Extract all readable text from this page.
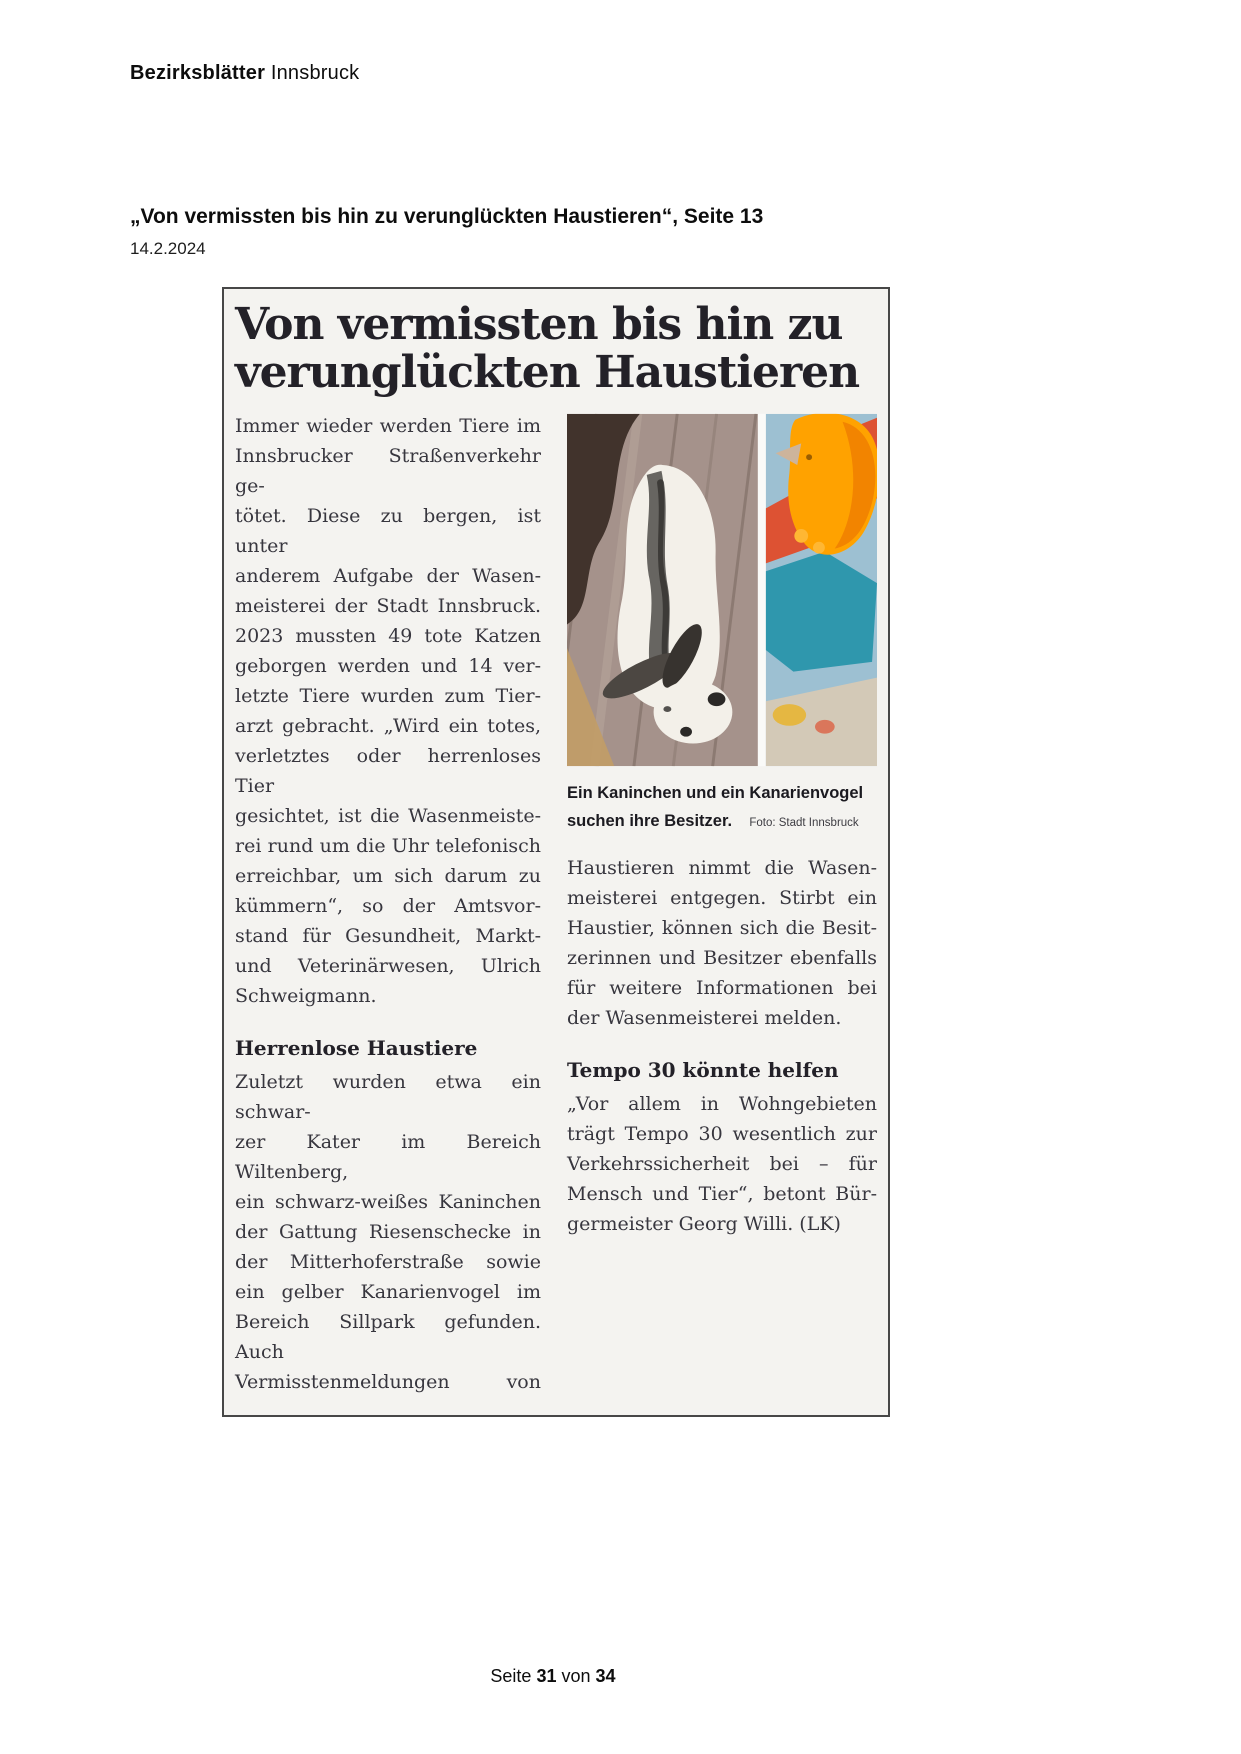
Bezirksblätter Innsbruck
„Von vermissten bis hin zu verunglückten Haustieren“, Seite 13
14.2.2024
Von vermissten bis hin zu
verunglückten Haustieren
Immer wieder werden Tiere im
Innsbrucker Straßenverkehr ge-
tötet. Diese zu bergen, ist unter
anderem Aufgabe der Wasen-
meisterei der Stadt Innsbruck.
2023 mussten 49 tote Katzen
geborgen werden und 14 ver-
letzte Tiere wurden zum Tier-
arzt gebracht. „Wird ein totes,
verletztes oder herrenloses Tier
gesichtet, ist die Wasenmeiste-
rei rund um die Uhr telefonisch
erreichbar, um sich darum zu
kümmern“, so der Amtsvor-
stand für Gesundheit, Markt-
und Veterinärwesen, Ulrich
Schweigmann.
Herrenlose Haustiere
Zuletzt wurden etwa ein schwar-
zer Kater im Bereich Wiltenberg,
ein schwarz-weißes Kaninchen
der Gattung Riesenschecke in
der Mitterhoferstraße sowie
ein gelber Kanarienvogel im
Bereich Sillpark gefunden. Auch
Vermisstenmeldungen von
Ein Kaninchen und ein Kanarienvogel
suchen ihre Besitzer. Foto: Stadt Innsbruck
Haustieren nimmt die Wasen-
meisterei entgegen. Stirbt ein
Haustier, können sich die Besit-
zerinnen und Besitzer ebenfalls
für weitere Informationen bei
der Wasenmeisterei melden.
Tempo 30 könnte helfen
„Vor allem in Wohngebieten
trägt Tempo 30 wesentlich zur
Verkehrssicherheit bei – für
Mensch und Tier“, betont Bür-
germeister Georg Willi. (LK)
Seite 31 von 34
